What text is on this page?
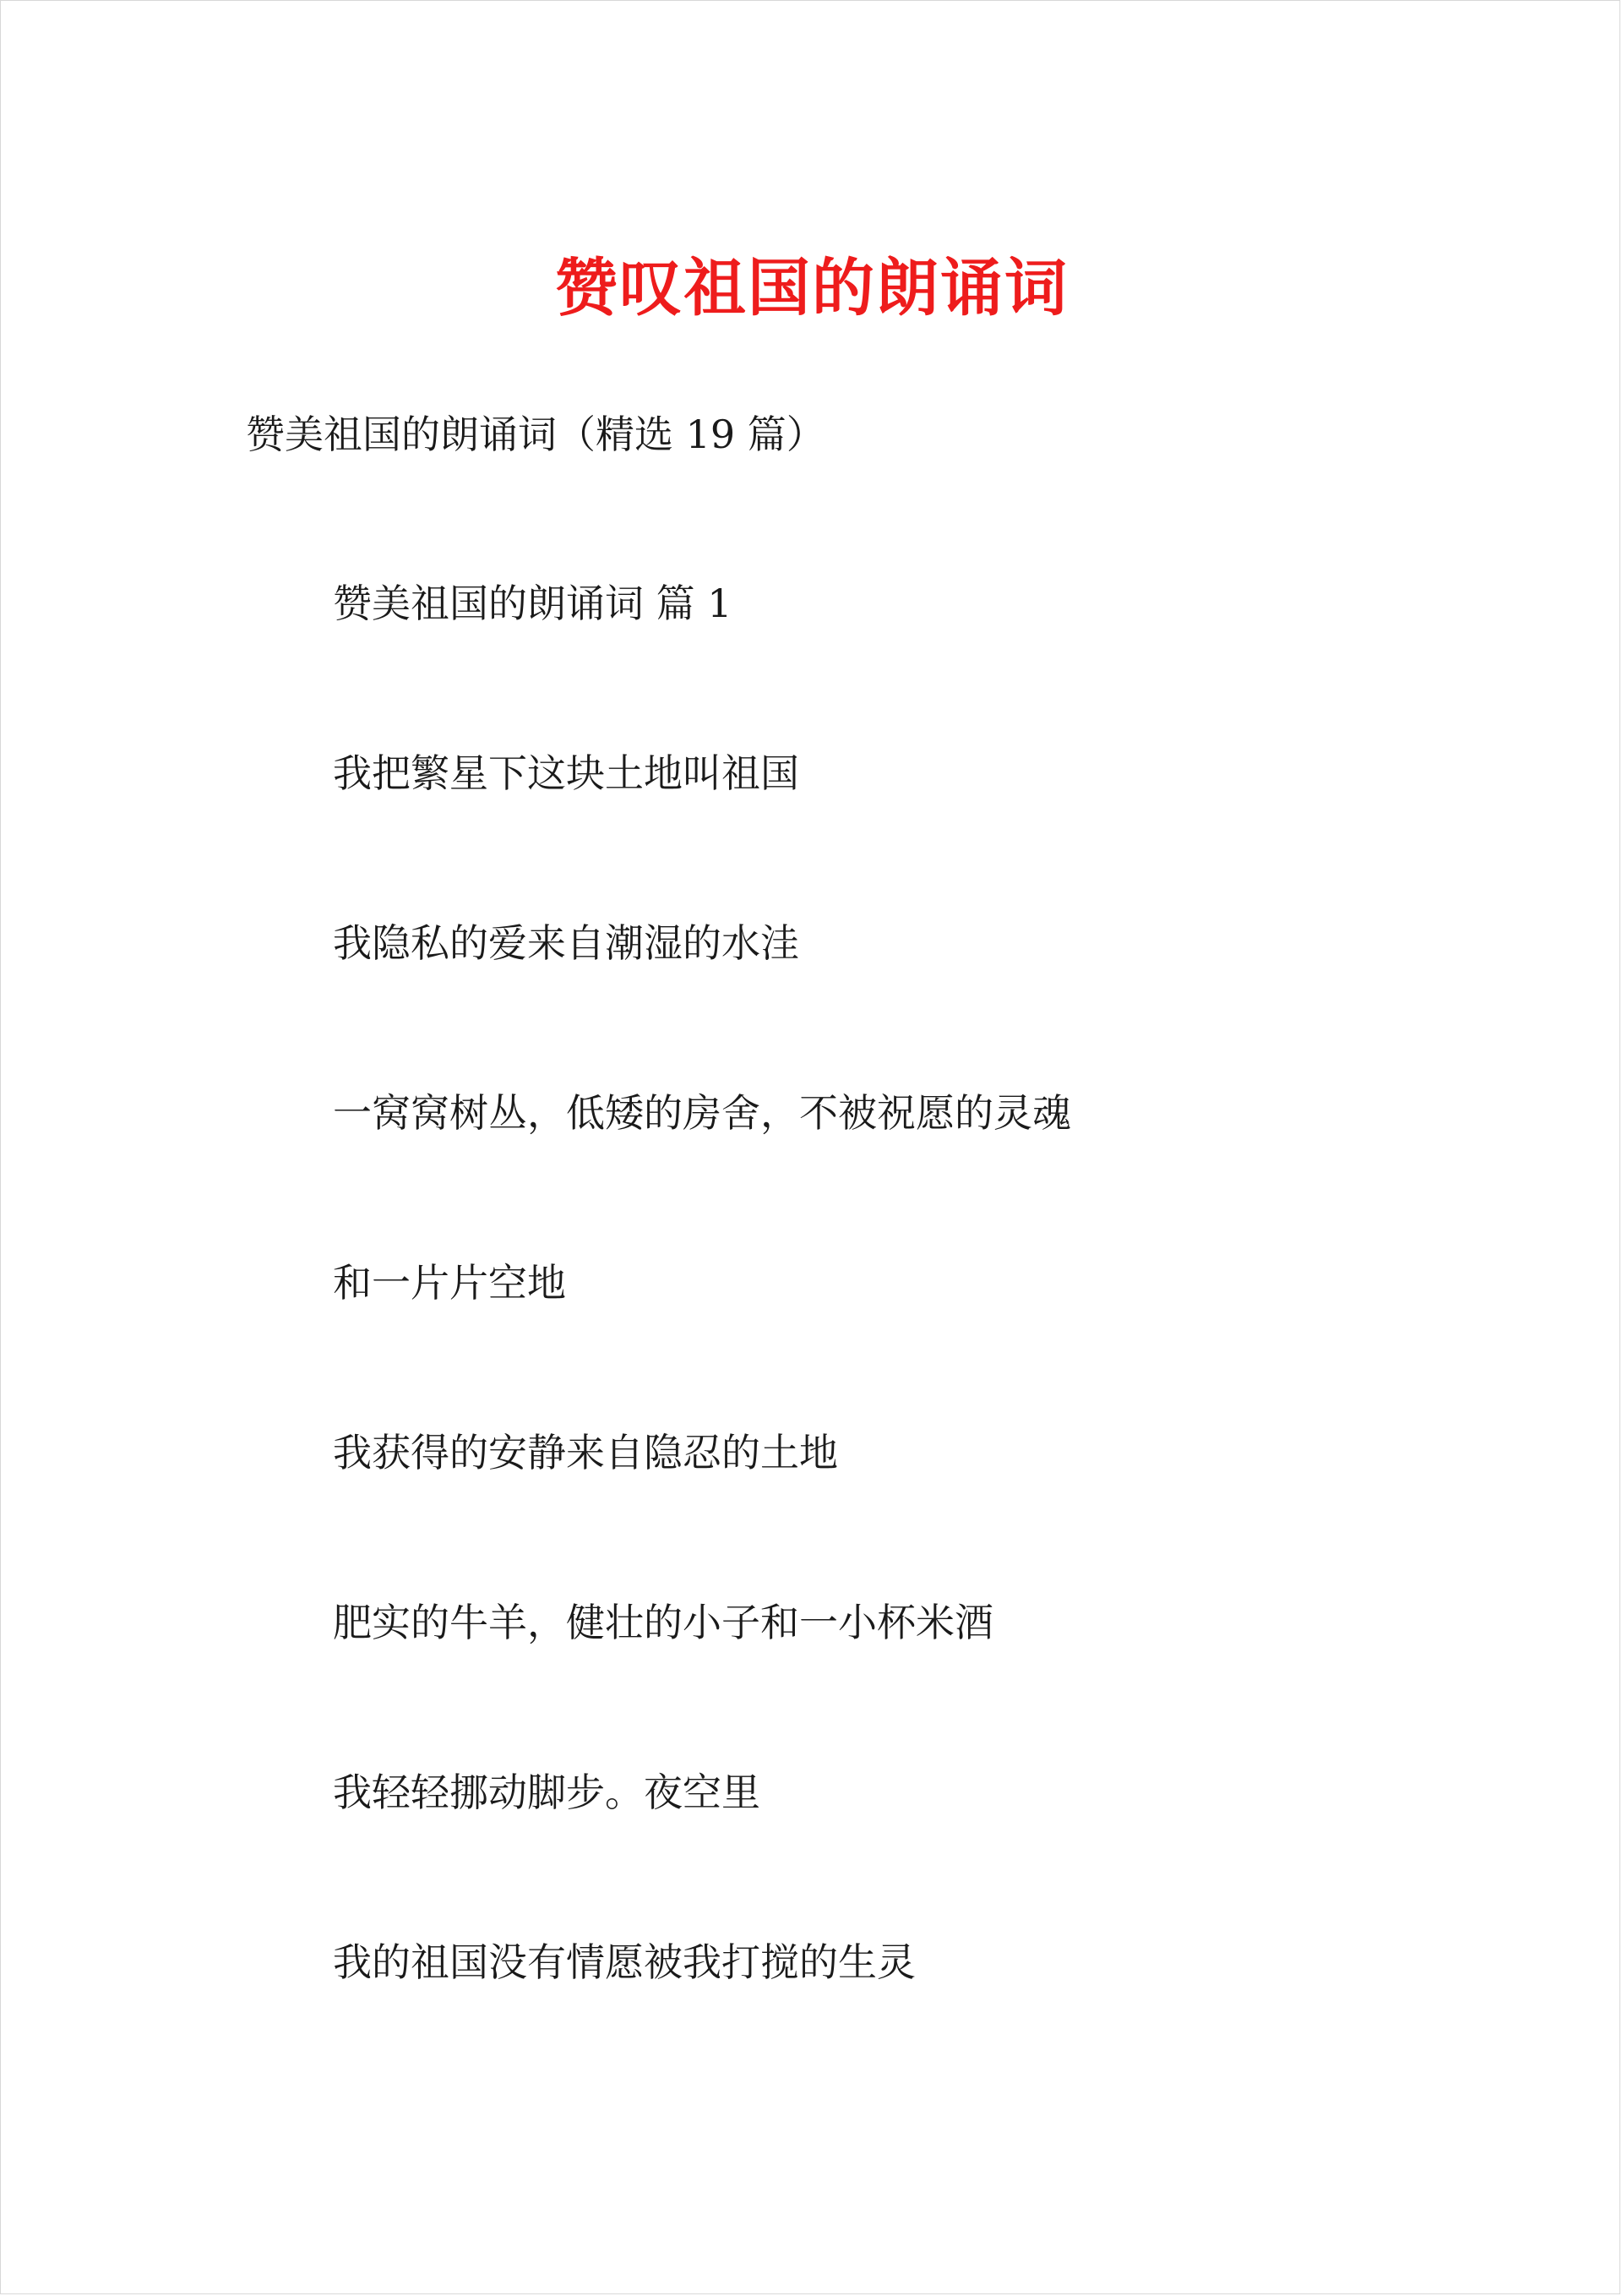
赞叹祖国的朗诵词
赞美祖国的朗诵词（精选 19 篇）
赞美祖国的朗诵词 篇 1
我把繁星下这块土地叫祖国
我隐私的爱来自潮湿的水洼
一窝窝树丛，低矮的房舍，不被祝愿的灵魂
和一片片空地
我获得的安静来自隐忍的土地
肥实的牛羊，健壮的小子和一小杯米酒
我轻轻挪动脚步。夜空里
我的祖国没有情愿被我打搅的生灵
